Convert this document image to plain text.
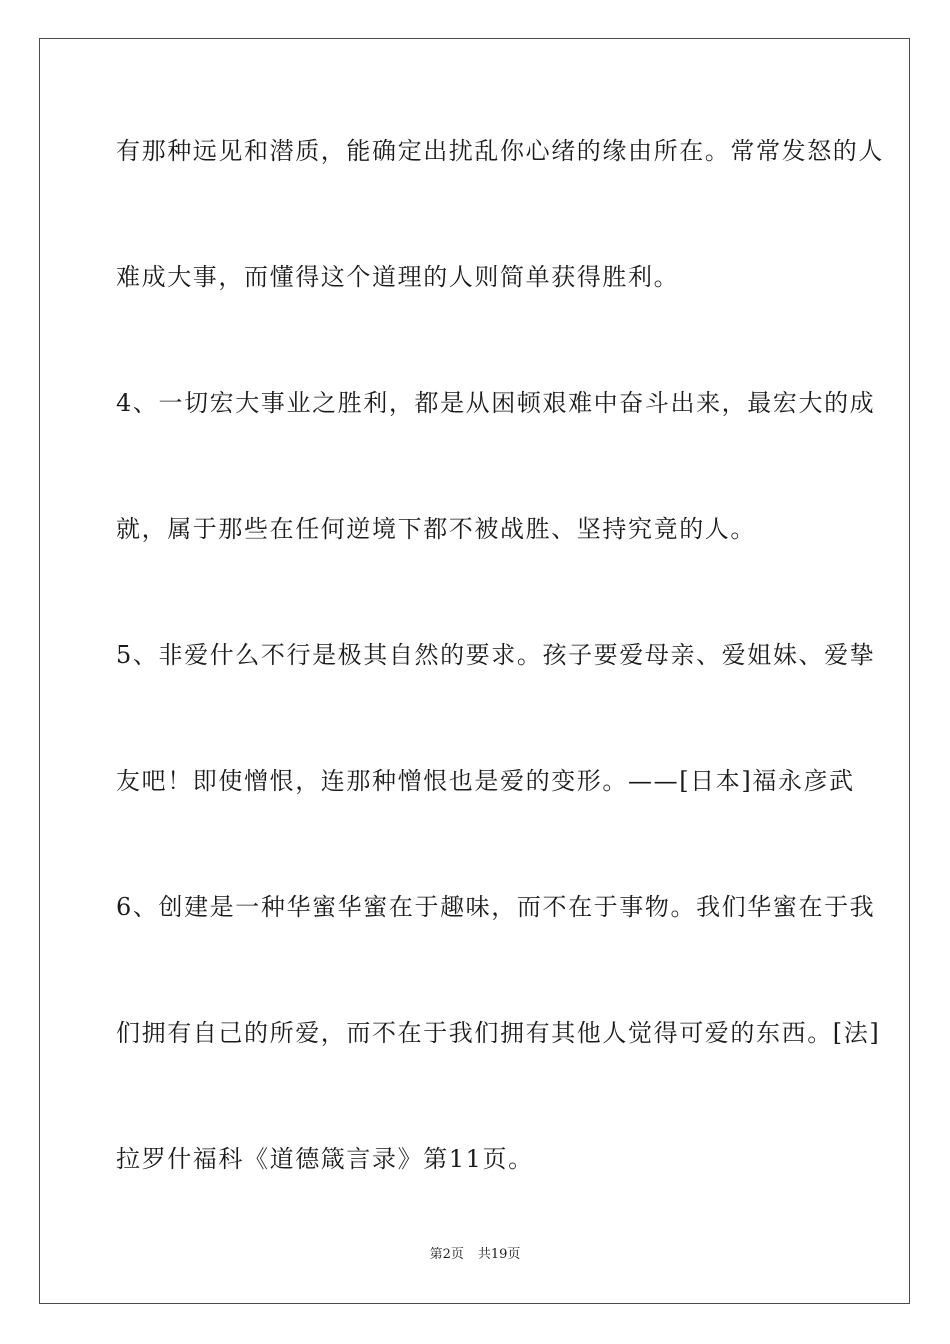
有那种远见和潜质，能确定出扰乱你心绪的缘由所在。常常发怒的人
难成大事，而懂得这个道理的人则简单获得胜利。
4、一切宏大事业之胜利，都是从困顿艰难中奋斗出来，最宏大的成
就，属于那些在任何逆境下都不被战胜、坚持究竟的人。
5、非爱什么不行是极其自然的要求。孩子要爱母亲、爱姐妹、爱挚
友吧！即使憎恨，连那种憎恨也是爱的变形。——[日本]福永彦武
6、创建是一种华蜜华蜜在于趣味，而不在于事物。我们华蜜在于我
们拥有自己的所爱，而不在于我们拥有其他人觉得可爱的东西。[法]
拉罗什福科《道德箴言录》第11页。
第2页 共19页
